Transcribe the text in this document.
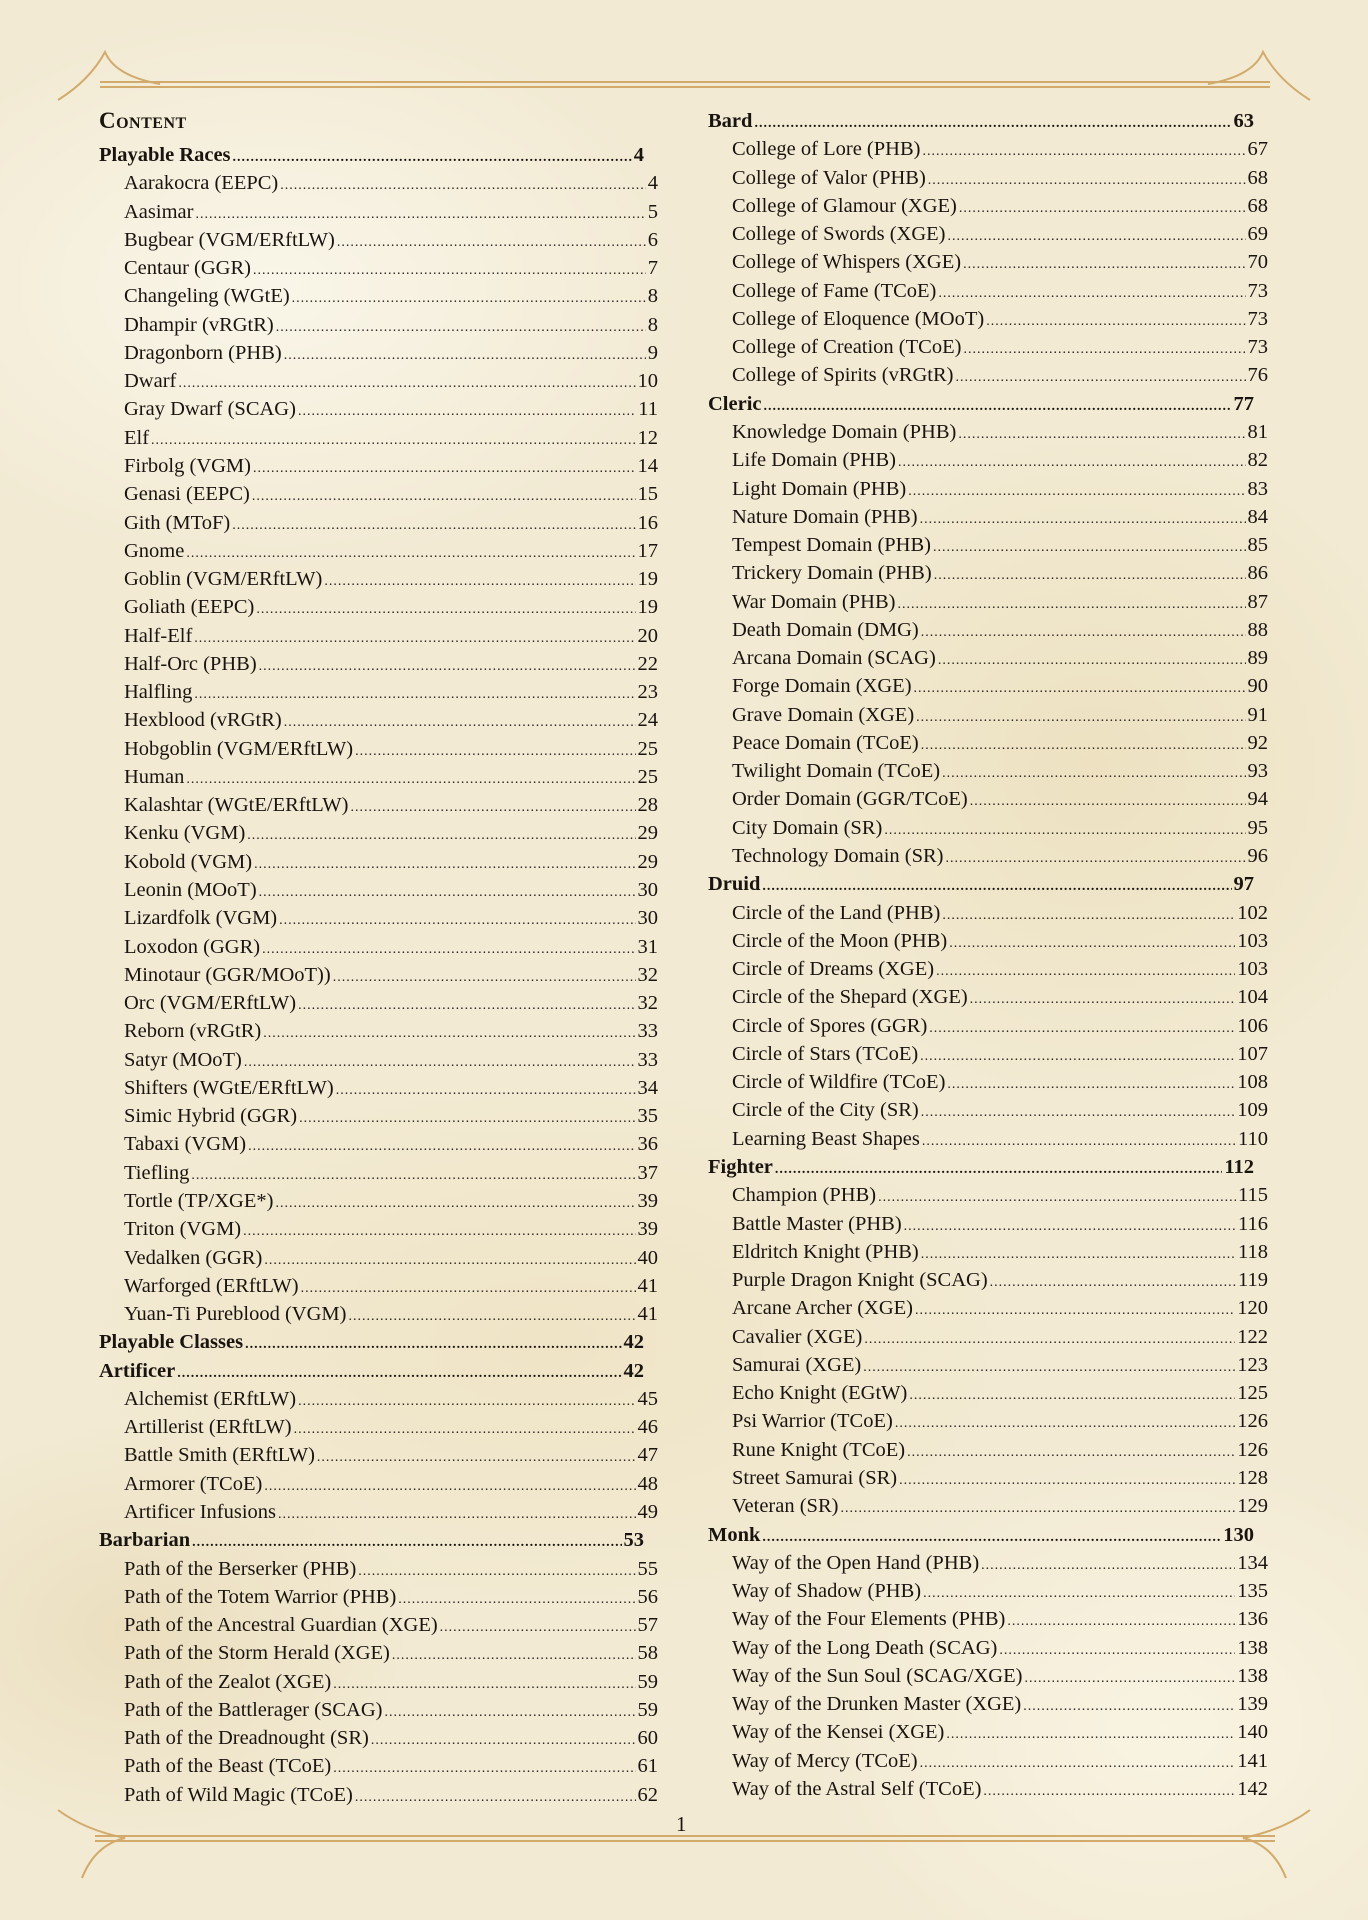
Content
Playable Races .....	4
Aarakocra (EEPC) .....	4
Aasimar .....	5
Bugbear (VGM/ERftLW) .....	6
Centaur (GGR) .....	7
Changeling (WGtE) .....	8
Dhampir (vRGtR) .....	8
Dragonborn (PHB) .....	9
Dwarf .....	10
Gray Dwarf (SCAG) .....	11
Elf .....	12
Firbolg (VGM) .....	14
Genasi (EEPC) .....	15
Gith (MToF) .....	16
Gnome .....	17
Goblin (VGM/ERftLW) .....	19
Goliath (EEPC) .....	19
Half-Elf .....	20
Half-Orc (PHB) .....	22
Halfling .....	23
Hexblood (vRGtR) .....	24
Hobgoblin (VGM/ERftLW) .....	25
Human .....	25
Kalashtar (WGtE/ERftLW) .....	28
Kenku (VGM) .....	29
Kobold (VGM) .....	29
Leonin (MOoT) .....	30
Lizardfolk (VGM) .....	30
Loxodon (GGR) .....	31
Minotaur (GGR/MOoT)) .....	32
Orc (VGM/ERftLW) .....	32
Reborn (vRGtR) .....	33
Satyr (MOoT) .....	33
Shifters (WGtE/ERftLW) .....	34
Simic Hybrid (GGR) .....	35
Tabaxi (VGM) .....	36
Tiefling .....	37
Tortle (TP/XGE*) .....	39
Triton (VGM) .....	39
Vedalken (GGR) .....	40
Warforged (ERftLW) .....	41
Yuan-Ti Pureblood (VGM) .....	41
Playable Classes .....	42
Artificer .....	42
Alchemist (ERftLW) .....	45
Artillerist (ERftLW) .....	46
Battle Smith (ERftLW) .....	47
Armorer (TCoE) .....	48
Artificer Infusions .....	49
Barbarian .....	53
Path of the Berserker (PHB) .....	55
Path of the Totem Warrior (PHB) .....	56
Path of the Ancestral Guardian (XGE) .....	57
Path of the Storm Herald (XGE) .....	58
Path of the Zealot (XGE) .....	59
Path of the Battlerager (SCAG) .....	59
Path of the Dreadnought (SR) .....	60
Path of the Beast (TCoE) .....	61
Path of Wild Magic (TCoE) .....	62
Bard .....	63
College of Lore (PHB) .....	67
College of Valor (PHB) .....	68
College of Glamour (XGE) .....	68
College of Swords (XGE) .....	69
College of Whispers (XGE) .....	70
College of Fame (TCoE) .....	73
College of Eloquence (MOoT) .....	73
College of Creation (TCoE) .....	73
College of Spirits (vRGtR) .....	76
Cleric .....	77
Knowledge Domain (PHB) .....	81
Life Domain (PHB) .....	82
Light Domain (PHB) .....	83
Nature Domain (PHB) .....	84
Tempest Domain (PHB) .....	85
Trickery Domain (PHB) .....	86
War Domain (PHB) .....	87
Death Domain (DMG) .....	88
Arcana Domain (SCAG) .....	89
Forge Domain (XGE) .....	90
Grave Domain (XGE) .....	91
Peace Domain (TCoE) .....	92
Twilight Domain (TCoE) .....	93
Order Domain (GGR/TCoE) .....	94
City Domain (SR) .....	95
Technology Domain (SR) .....	96
Druid .....	97
Circle of the Land (PHB) .....	102
Circle of the Moon (PHB) .....	103
Circle of Dreams (XGE) .....	103
Circle of the Shepard (XGE) .....	104
Circle of Spores (GGR) .....	106
Circle of Stars (TCoE) .....	107
Circle of Wildfire (TCoE) .....	108
Circle of the City (SR) .....	109
Learning Beast Shapes .....	110
Fighter .....	112
Champion (PHB) .....	115
Battle Master (PHB) .....	116
Eldritch Knight (PHB) .....	118
Purple Dragon Knight (SCAG) .....	119
Arcane Archer (XGE) .....	120
Cavalier (XGE) .....	122
Samurai (XGE) .....	123
Echo Knight (EGtW) .....	125
Psi Warrior (TCoE) .....	126
Rune Knight (TCoE) .....	126
Street Samurai (SR) .....	128
Veteran (SR) .....	129
Monk .....	130
Way of the Open Hand (PHB) .....	134
Way of Shadow (PHB) .....	135
Way of the Four Elements (PHB) .....	136
Way of the Long Death (SCAG) .....	138
Way of the Sun Soul (SCAG/XGE) .....	138
Way of the Drunken Master (XGE) .....	139
Way of the Kensei (XGE) .....	140
Way of Mercy (TCoE) .....	141
Way of the Astral Self (TCoE) .....	142
1
